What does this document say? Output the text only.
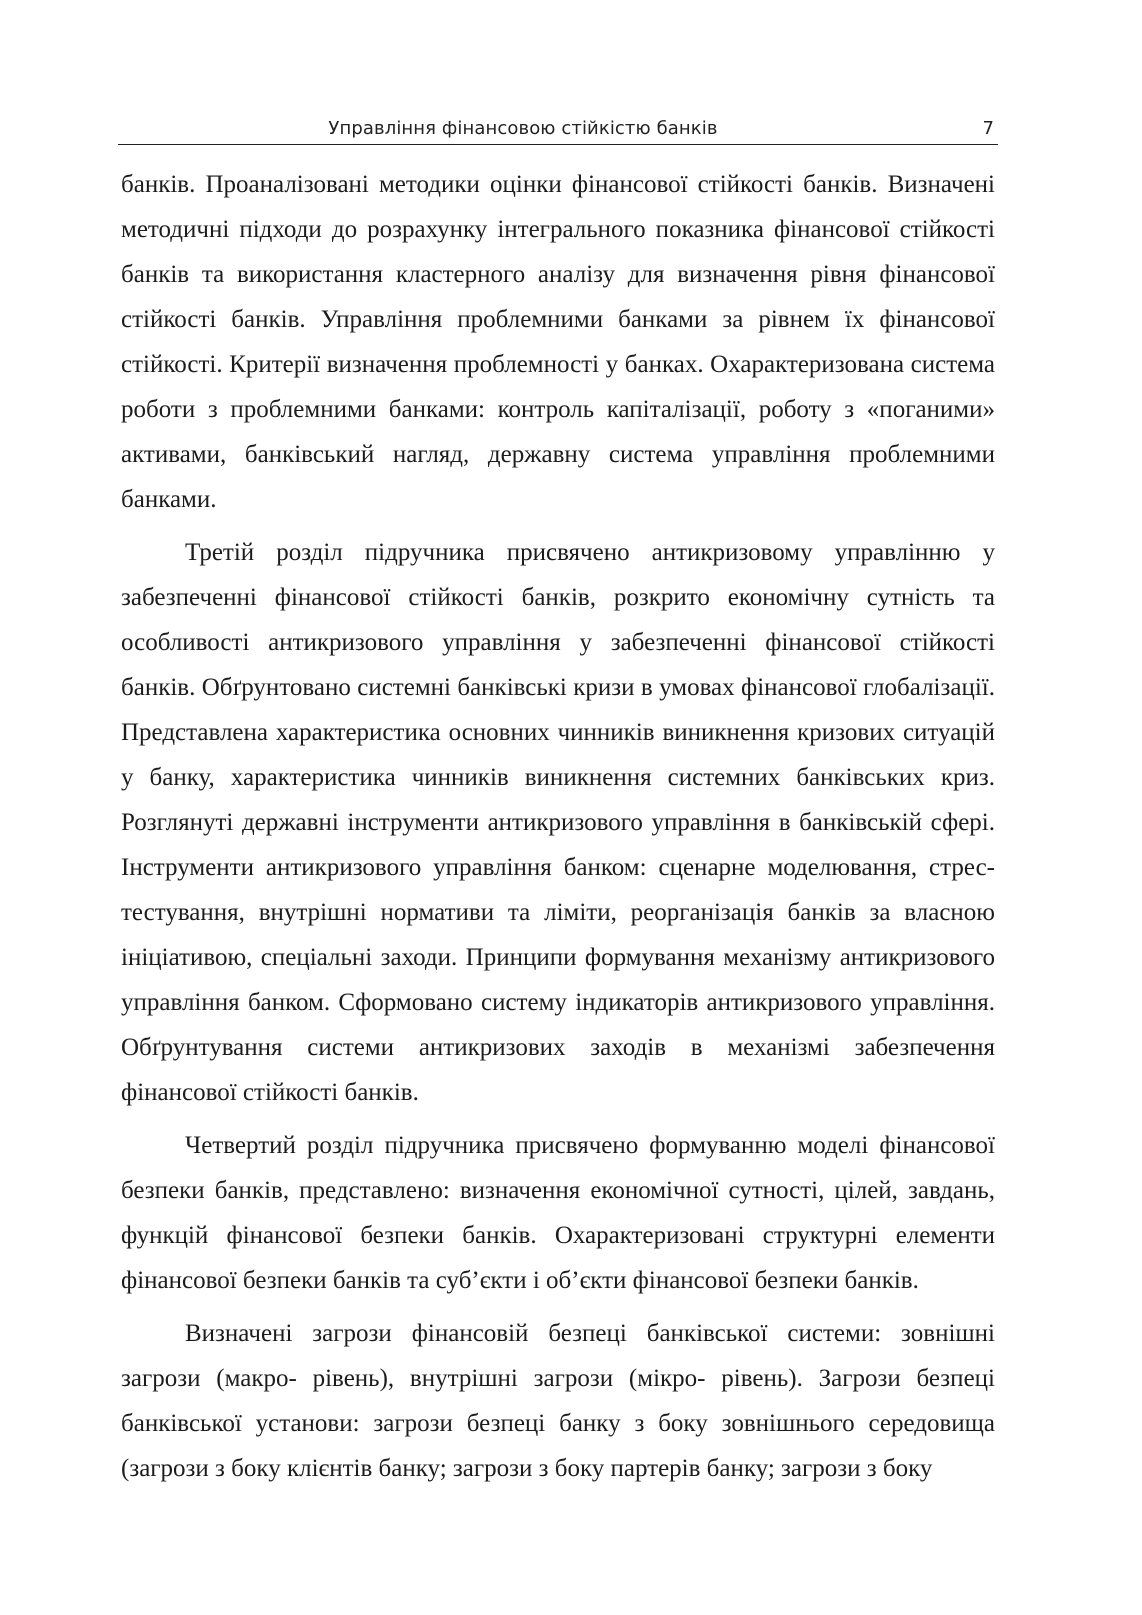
Управління фінансовою стійкістю банків	7

банків. Проаналізовані методики оцінки фінансової стійкості банків. Визначені методичні підходи до розрахунку інтегрального показника фінансової стійкості банків та використання кластерного аналізу для визначення рівня фінансової стійкості банків. Управління проблемними банками за рівнем їх фінансової стійкості. Критерії визначення проблемності у банках. Охарактеризована система роботи з проблемними банками: контроль капіталізації, роботу з «поганими» активами, банківський нагляд, державну система управління проблемними банками.

Третій розділ підручника присвячено антикризовому управлінню у забезпеченні фінансової стійкості банків, розкрито економічну сутність та особливості антикризового управління у забезпеченні фінансової стійкості банків. Обґрунтовано системні банківські кризи в умовах фінансової глобалізації. Представлена характеристика основних чинників виникнення кризових ситуацій у банку, характеристика чинників виникнення системних банківських криз. Розглянуті державні інструменти антикризового управління в банківській сфері. Інструменти антикризового управління банком: сценарне моделювання, стрес-тестування, внутрішні нормативи та ліміти, реорганізація банків за власною ініціативою, спеціальні заходи. Принципи формування механізму антикризового управління банком. Сформовано систему індикаторів антикризового управління. Обґрунтування системи антикризових заходів в механізмі забезпечення фінансової стійкості банків.

Четвертий розділ підручника присвячено формуванню моделі фінансової безпеки банків, представлено: визначення економічної сутності, цілей, завдань, функцій фінансової безпеки банків. Охарактеризовані структурні елементи фінансової безпеки банків та суб’єкти і об’єкти фінансової безпеки банків.

Визначені загрози фінансовій безпеці банківської системи: зовнішні загрози (макро- рівень), внутрішні загрози (мікро- рівень). Загрози безпеці банківської установи: загрози безпеці банку з боку зовнішнього середовища (загрози з боку клієнтів банку; загрози з боку партерів банку; загрози з боку
